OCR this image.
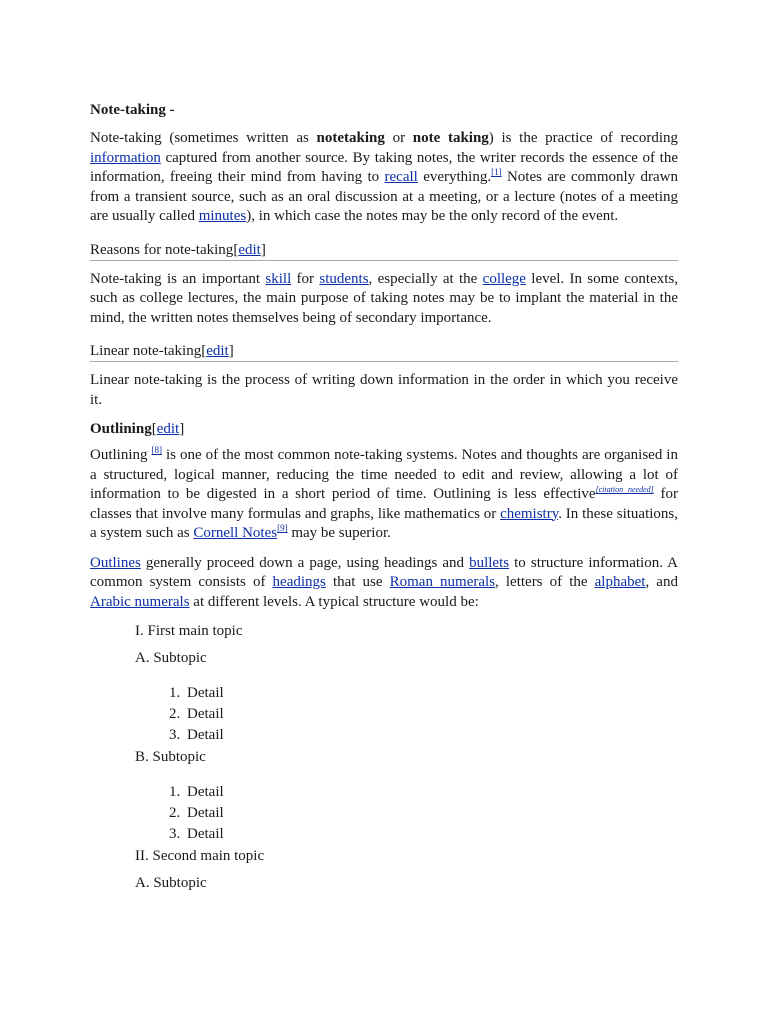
Note-taking -

Note-taking (sometimes written as notetaking or note taking) is the practice of recording information captured from another source. By taking notes, the writer records the essence of the information, freeing their mind from having to recall everything.[1] Notes are commonly drawn from a transient source, such as an oral discussion at a meeting, or a lecture (notes of a meeting are usually called minutes), in which case the notes may be the only record of the event.

Reasons for note-taking[edit]

Note-taking is an important skill for students, especially at the college level. In some contexts, such as college lectures, the main purpose of taking notes may be to implant the material in the mind, the written notes themselves being of secondary importance.

Linear note-taking[edit]

Linear note-taking is the process of writing down information in the order in which you receive it.

Outlining[edit]

Outlining [8] is one of the most common note-taking systems. Notes and thoughts are organised in a structured, logical manner, reducing the time needed to edit and review, allowing a lot of information to be digested in a short period of time. Outlining is less effective[citation needed] for classes that involve many formulas and graphs, like mathematics or chemistry. In these situations, a system such as Cornell Notes[9] may be superior.

Outlines generally proceed down a page, using headings and bullets to structure information. A common system consists of headings that use Roman numerals, letters of the alphabet, and Arabic numerals at different levels. A typical structure would be:

I. First main topic
A. Subtopic
1. Detail
2. Detail
3. Detail
B. Subtopic
1. Detail
2. Detail
3. Detail
II. Second main topic
A. Subtopic
